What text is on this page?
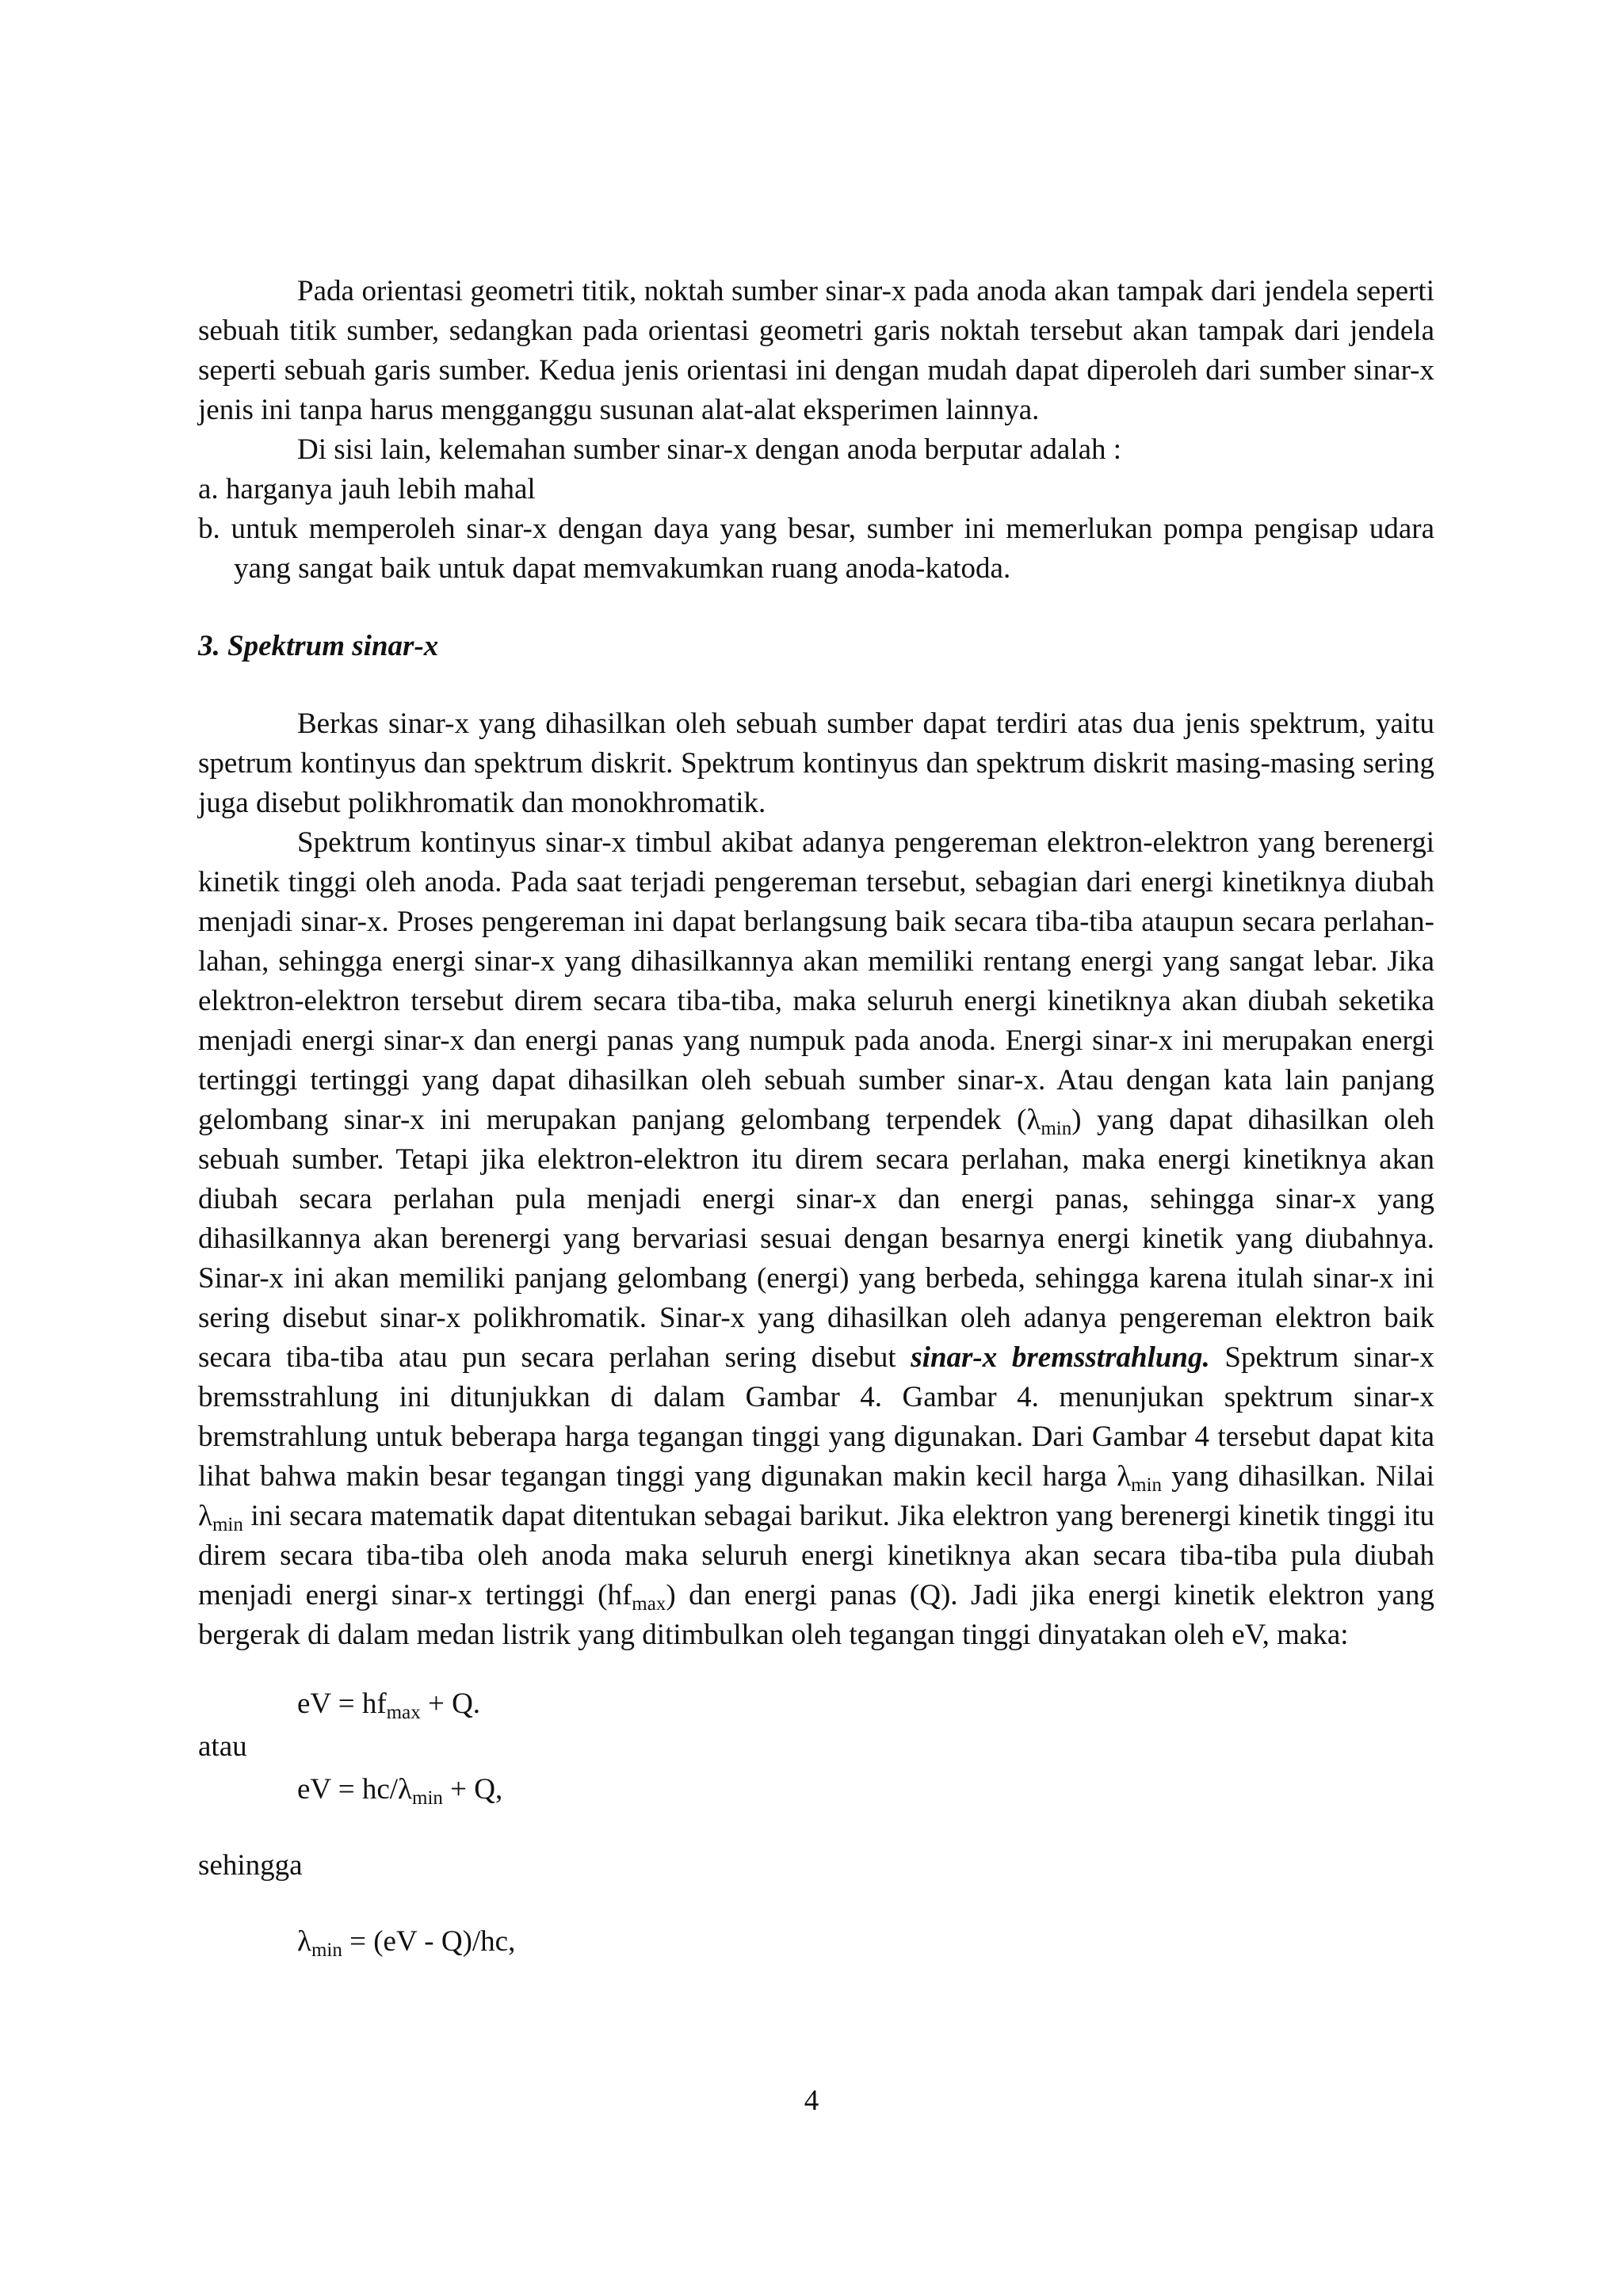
Pada orientasi geometri titik, noktah sumber sinar-x pada anoda akan tampak dari jendela seperti sebuah titik sumber, sedangkan pada orientasi geometri garis noktah tersebut akan tampak dari jendela seperti sebuah garis sumber. Kedua jenis orientasi ini dengan mudah dapat diperoleh dari sumber sinar-x jenis ini tanpa harus mengganggu susunan alat-alat eksperimen lainnya.

Di sisi lain, kelemahan sumber sinar-x dengan anoda berputar adalah :

a. harganya jauh lebih mahal

b. untuk memperoleh sinar-x dengan daya yang besar, sumber ini memerlukan pompa pengisap udara yang sangat baik untuk dapat memvakumkan ruang anoda-katoda.

3. Spektrum sinar-x

Berkas sinar-x yang dihasilkan oleh sebuah sumber dapat terdiri atas dua jenis spektrum, yaitu spetrum kontinyus dan spektrum diskrit. Spektrum kontinyus dan spektrum diskrit masing-masing sering juga disebut polikhromatik dan monokhromatik.

Spektrum kontinyus sinar-x timbul akibat adanya pengereman elektron-elektron yang berenergi kinetik tinggi oleh anoda. Pada saat terjadi pengereman tersebut, sebagian dari energi kinetiknya diubah menjadi sinar-x. Proses pengereman ini dapat berlangsung baik secara tiba-tiba ataupun secara perlahan-lahan, sehingga energi sinar-x yang dihasilkannya akan memiliki rentang energi yang sangat lebar. Jika elektron-elektron tersebut direm secara tiba-tiba, maka seluruh energi kinetiknya akan diubah seketika menjadi energi sinar-x dan energi panas yang numpuk pada anoda. Energi sinar-x ini merupakan energi tertinggi tertinggi yang dapat dihasilkan oleh sebuah sumber sinar-x. Atau dengan kata lain panjang gelombang sinar-x ini merupakan panjang gelombang terpendek $(\lambda_{min})$ yang dapat dihasilkan oleh sebuah sumber. Tetapi jika elektron-elektron itu direm secara perlahan, maka energi kinetiknya akan diubah secara perlahan pula menjadi energi sinar-x dan energi panas, sehingga sinar-x yang dihasilkannya akan berenergi yang bervariasi sesuai dengan besarnya energi kinetik yang diubahnya. Sinar-x ini akan memiliki panjang gelombang (energi) yang berbeda, sehingga karena itulah sinar-x ini sering disebut sinar-x polikhromatik. Sinar-x yang dihasilkan oleh adanya pengereman elektron baik secara tiba-tiba atau pun secara perlahan sering disebut sinar-x bremsstrahlung. Spektrum sinar-x bremsstrahlung ini ditunjukkan di dalam Gambar 4. Gambar 4. menunjukan spektrum sinar-x bremstrahlung untuk beberapa harga tegangan tinggi yang digunakan. Dari Gambar 4 tersebut dapat kita lihat bahwa makin besar tegangan tinggi yang digunakan makin kecil harga $\lambda_{min}$ yang dihasilkan. Nilai $\lambda_{min}$ ini secara matematik dapat ditentukan sebagai barikut. Jika elektron yang berenergi kinetik tinggi itu direm secara tiba-tiba oleh anoda maka seluruh energi kinetiknya akan secara tiba-tiba pula diubah menjadi energi sinar-x tertinggi $(hf_{max})$ dan energi panas (Q). Jadi jika energi kinetik elektron yang bergerak di dalam medan listrik yang ditimbulkan oleh tegangan tinggi dinyatakan oleh eV, maka:

eV = $hf_{max} + Q$.
atau
eV = $hc/\lambda_{min} + Q$,
sehingga
$\lambda_{min} = (eV - Q)/hc$,
4
